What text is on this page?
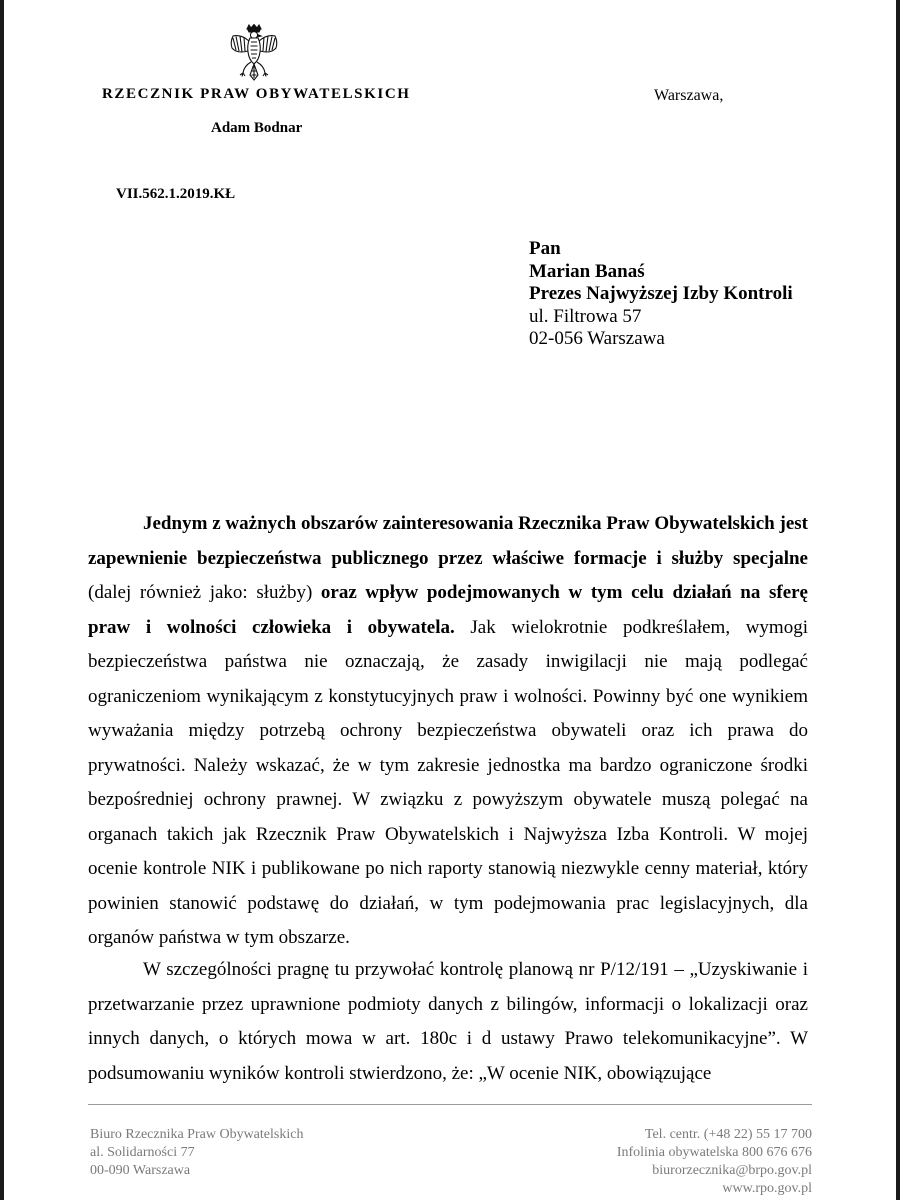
RZECZNIK PRAW OBYWATELSKICH

Adam Bodnar

Warszawa,

VII.562.1.2019.KŁ

Pan
Marian Banaś
Prezes Najwyższej Izby Kontroli
ul. Filtrowa 57
02-056 Warszawa

Jednym z ważnych obszarów zainteresowania Rzecznika Praw Obywatelskich jest zapewnienie bezpieczeństwa publicznego przez właściwe formacje i służby specjalne (dalej również jako: służby) oraz wpływ podejmowanych w tym celu działań na sferę praw i wolności człowieka i obywatela. Jak wielokrotnie podkreślałem, wymogi bezpieczeństwa państwa nie oznaczają, że zasady inwigilacji nie mają podlegać ograniczeniom wynikającym z konstytucyjnych praw i wolności. Powinny być one wynikiem wyważania między potrzebą ochrony bezpieczeństwa obywateli oraz ich prawa do prywatności. Należy wskazać, że w tym zakresie jednostka ma bardzo ograniczone środki bezpośredniej ochrony prawnej. W związku z powyższym obywatele muszą polegać na organach takich jak Rzecznik Praw Obywatelskich i Najwyższa Izba Kontroli. W mojej ocenie kontrole NIK i publikowane po nich raporty stanowią niezwykle cenny materiał, który powinien stanowić podstawę do działań, w tym podejmowania prac legislacyjnych, dla organów państwa w tym obszarze.

W szczególności pragnę tu przywołać kontrolę planową nr P/12/191 – „Uzyskiwanie i przetwarzanie przez uprawnione podmioty danych z bilingów, informacji o lokalizacji oraz innych danych, o których mowa w art. 180c i d ustawy Prawo telekomunikacyjne”. W podsumowaniu wyników kontroli stwierdzono, że: „W ocenie NIK, obowiązujące

Biuro Rzecznika Praw Obywatelskich
al. Solidarności 77
00-090 Warszawa
Tel. centr. (+48 22) 55 17 700
Infolinia obywatelska 800 676 676
biurorzecznika@brpo.gov.pl
www.rpo.gov.pl
